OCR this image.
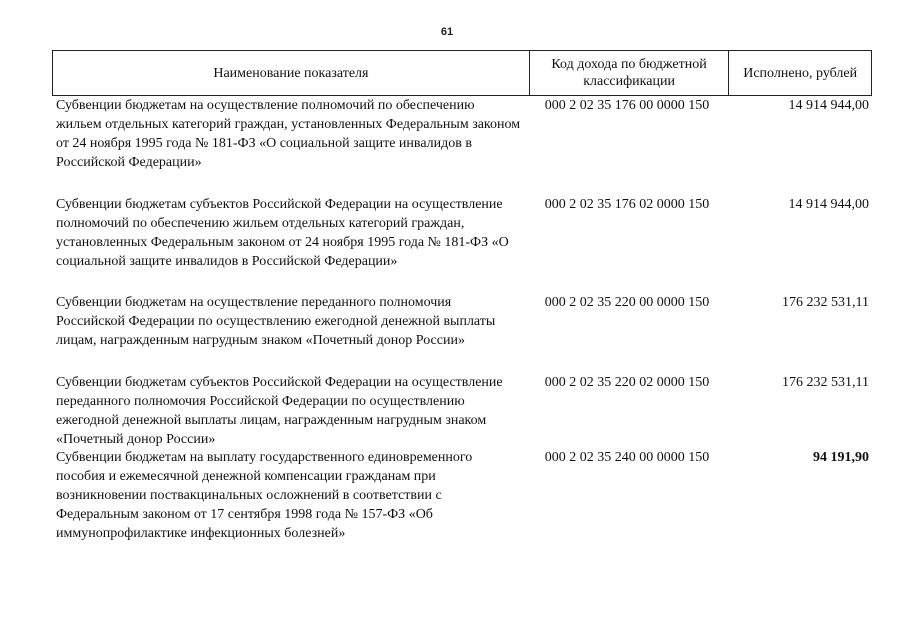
61
Наименование показателя
Код дохода по бюджетной классификации
Исполнено, рублей
Субвенции бюджетам на осуществление полномочий по обеспечению жильем отдельных категорий граждан, установленных Федеральным законом от 24 ноября 1995 года № 181-ФЗ «О социальной защите инвалидов в Российской Федерации»
000 2 02 35 176 00 0000 150	14 914 944,00
Субвенции бюджетам субъектов Российской Федерации на осуществление полномочий по обеспечению жильем отдельных категорий граждан, установленных Федеральным законом от 24 ноября 1995 года № 181-ФЗ «О социальной защите инвалидов в Российской Федерации»
000 2 02 35 176 02 0000 150	14 914 944,00
Субвенции бюджетам на осуществление переданного полномочия Российской Федерации по осуществлению ежегодной денежной выплаты лицам, награжденным нагрудным знаком «Почетный донор России»
000 2 02 35 220 00 0000 150	176 232 531,11
Субвенции бюджетам субъектов Российской Федерации на осуществление переданного полномочия Российской Федерации по осуществлению ежегодной денежной выплаты лицам, награжденным нагрудным знаком «Почетный донор России»
000 2 02 35 220 02 0000 150	176 232 531,11
Субвенции бюджетам на выплату государственного единовременного пособия и ежемесячной денежной компенсации гражданам при возникновении поствакцинальных осложнений в соответствии с Федеральным законом от 17 сентября 1998 года № 157-ФЗ «Об иммунопрофилактике инфекционных болезней»
000 2 02 35 240 00 0000 150	94 191,90
